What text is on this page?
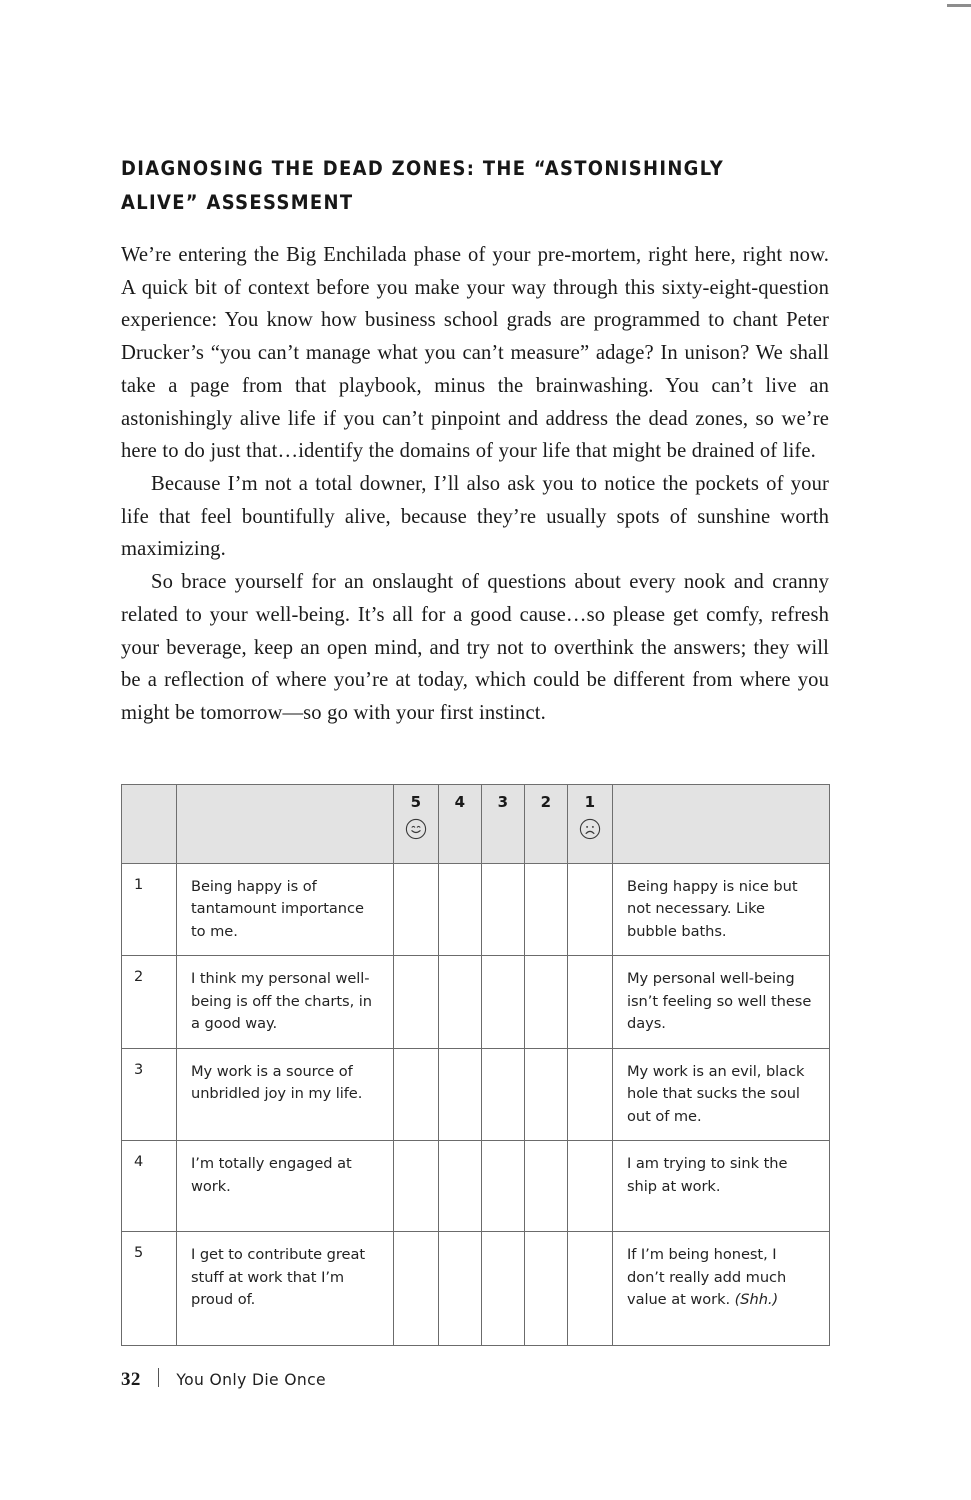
DIAGNOSING THE DEAD ZONES: THE “ASTONISHINGLY ALIVE” ASSESSMENT

We’re entering the Big Enchilada phase of your pre-mortem, right here, right now. A quick bit of context before you make your way through this sixty-eight-question experience: You know how business school grads are programmed to chant Peter Drucker’s “you can’t manage what you can’t measure” adage? In unison? We shall take a page from that playbook, minus the brainwashing. You can’t live an astonishingly alive life if you can’t pinpoint and address the dead zones, so we’re here to do just that…identify the domains of your life that might be drained of life.

Because I’m not a total downer, I’ll also ask you to notice the pockets of your life that feel bountifully alive, because they’re usually spots of sunshine worth maximizing.

So brace yourself for an onslaught of questions about every nook and cranny related to your well-being. It’s all for a good cause…so please get comfy, refresh your beverage, keep an open mind, and try not to overthink the answers; they will be a reflection of where you’re at today, which could be different from where you might be tomorrow—so go with your first instinct.

		5	4	3	2	1	

1	Being happy is of tantamount importance to me.						Being happy is nice but not necessary. Like bubble baths.
2	I think my personal well-being is off the charts, in a good way.						My personal well-being isn’t feeling so well these days.
3	My work is a source of unbridled joy in my life.						My work is an evil, black hole that sucks the soul out of me.
4	I’m totally engaged at work.						I am trying to sink the ship at work.
5	I get to contribute great stuff at work that I’m proud of.						If I’m being honest, I don’t really add much value at work. (Shh.)
32 You Only Die Once
